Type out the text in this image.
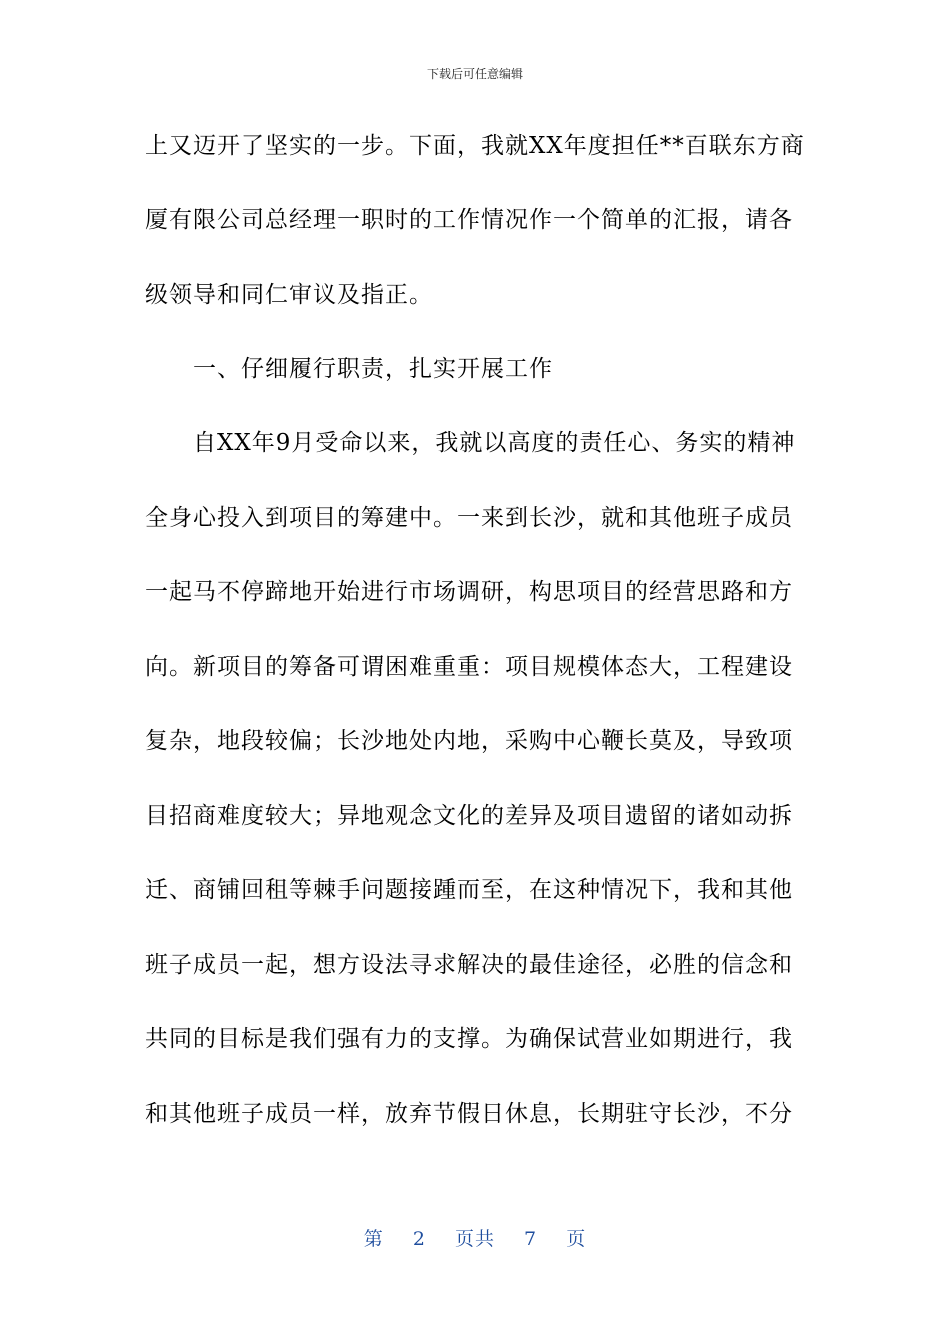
下载后可任意编辑
上又迈开了坚实的一步。下面，我就XX年度担任**百联东方商
厦有限公司总经理一职时的工作情况作一个简单的汇报，请各
级领导和同仁审议及指正。
一、仔细履行职责，扎实开展工作
自XX年9月受命以来，我就以高度的责任心、务实的精神
全身心投入到项目的筹建中。一来到长沙，就和其他班子成员
一起马不停蹄地开始进行市场调研，构思项目的经营思路和方
向。新项目的筹备可谓困难重重：项目规模体态大，工程建设
复杂，地段较偏；长沙地处内地，采购中心鞭长莫及，导致项
目招商难度较大；异地观念文化的差异及项目遗留的诸如动拆
迁、商铺回租等棘手问题接踵而至，在这种情况下，我和其他
班子成员一起，想方设法寻求解决的最佳途径，必胜的信念和
共同的目标是我们强有力的支撑。为确保试营业如期进行，我
和其他班子成员一样，放弃节假日休息，长期驻守长沙，不分
第 2 页共 7 页
